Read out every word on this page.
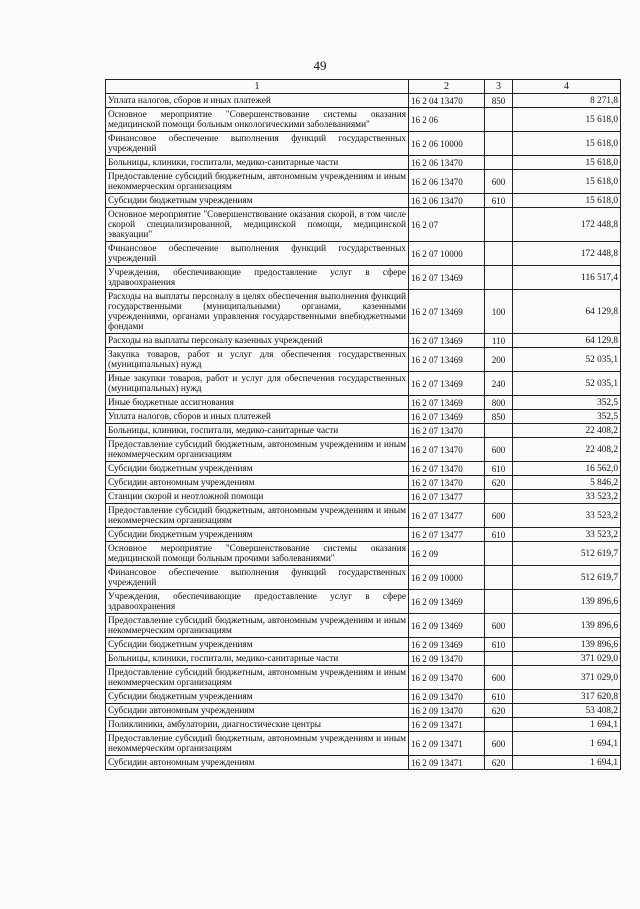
49
1	2	3	4
Уплата налогов, сборов и иных платежей	16 2 04 13470	850	8 271,8
Основное мероприятие "Совершенствование системы оказания медицинской помощи больным онкологическими заболеваниями"	16 2 06		15 618,0
Финансовое обеспечение выполнения функций государственных учреждений	16 2 06 10000		15 618,0
Больницы, клиники, госпитали, медико-санитарные части	16 2 06 13470		15 618,0
Предоставление субсидий бюджетным, автономным учреждениям и иным некоммерческим организациям	16 2 06 13470	600	15 618,0
Субсидии бюджетным учреждениям	16 2 06 13470	610	15 618,0
Основное мероприятие "Совершенствование оказания скорой, в том числе скорой специализированной, медицинской помощи, медицинской эвакуации"	16 2 07		172 448,8
Финансовое обеспечение выполнения функций государственных учреждений	16 2 07 10000		172 448,8
Учреждения, обеспечивающие предоставление услуг в сфере здравоохранения	16 2 07 13469		116 517,4
Расходы на выплаты персоналу в целях обеспечения выполнения функций государственными (муниципальными) органами, казенными учреждениями, органами управления государственными внебюджетными фондами	16 2 07 13469	100	64 129,8
Расходы на выплаты персоналу казенных учреждений	16 2 07 13469	110	64 129,8
Закупка товаров, работ и услуг для обеспечения государственных (муниципальных) нужд	16 2 07 13469	200	52 035,1
Иные закупки товаров, работ и услуг для обеспечения государственных (муниципальных) нужд	16 2 07 13469	240	52 035,1
Иные бюджетные ассигнования	16 2 07 13469	800	352,5
Уплата налогов, сборов и иных платежей	16 2 07 13469	850	352,5
Больницы, клиники, госпитали, медико-санитарные части	16 2 07 13470		22 408,2
Предоставление субсидий бюджетным, автономным учреждениям и иным некоммерческим организациям	16 2 07 13470	600	22 408,2
Субсидии бюджетным учреждениям	16 2 07 13470	610	16 562,0
Субсидии автономным учреждениям	16 2 07 13470	620	5 846,2
Станции скорой и неотложной помощи	16 2 07 13477		33 523,2
Предоставление субсидий бюджетным, автономным учреждениям и иным некоммерческим организациям	16 2 07 13477	600	33 523,2
Субсидии бюджетным учреждениям	16 2 07 13477	610	33 523,2
Основное мероприятие "Совершенствование системы оказания медицинской помощи больным прочими заболеваниями"	16 2 09		512 619,7
Финансовое обеспечение выполнения функций государственных учреждений	16 2 09 10000		512 619,7
Учреждения, обеспечивающие предоставление услуг в сфере здравоохранения	16 2 09 13469		139 896,6
Предоставление субсидий бюджетным, автономным учреждениям и иным некоммерческим организациям	16 2 09 13469	600	139 896,6
Субсидии бюджетным учреждениям	16 2 09 13469	610	139 896,6
Больницы, клиники, госпитали, медико-санитарные части	16 2 09 13470		371 029,0
Предоставление субсидий бюджетным, автономным учреждениям и иным некоммерческим организациям	16 2 09 13470	600	371 029,0
Субсидии бюджетным учреждениям	16 2 09 13470	610	317 620,8
Субсидии автономным учреждениям	16 2 09 13470	620	53 408,2
Поликлиники, амбулатории, диагностические центры	16 2 09 13471		1 694,1
Предоставление субсидий бюджетным, автономным учреждениям и иным некоммерческим организациям	16 2 09 13471	600	1 694,1
Субсидии автономным учреждениям	16 2 09 13471	620	1 694,1
